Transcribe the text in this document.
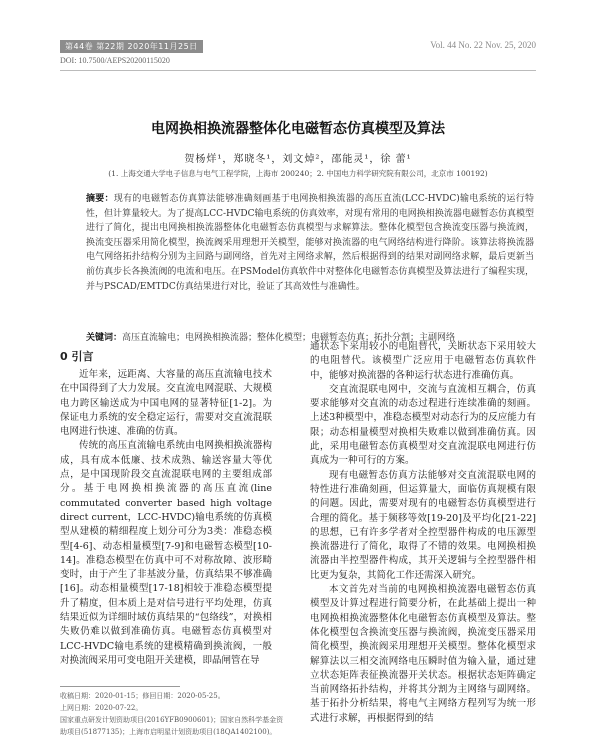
第44卷 第22期 2020年11月25日	Vol. 44 No. 22 Nov. 25, 2020
DOI: 10.7500/AEPS20200115020
电网换相换流器整体化电磁暂态仿真模型及算法
贺杨烊¹，郑晓冬¹，刘文焯²，邵能灵¹，徐 蕾¹
(1. 上海交通大学电子信息与电气工程学院，上海市 200240；2. 中国电力科学研究院有限公司，北京市 100192)
摘要：现有的电磁暂态仿真算法能够准确刻画基于电网换相换流器的高压直流(LCC-HVDC)输电系统的运行特性，但计算量较大。为了提高LCC-HVDC输电系统的仿真效率，对现有常用的电网换相换流器电磁暂态仿真模型进行了简化，提出电网换相换流器整体化电磁暂态仿真模型与求解算法。整体化模型包含换流变压器与换流阀，换流变压器采用简化模型，换流阀采用理想开关模型，能够对换流器的电气网络结构进行降阶。该算法将换流器电气网络拓扑结构分别为主回路与副网络，首先对主网络求解，然后根据得到的结果对副网络求解，最后更新当前仿真步长各换流阀的电流和电压。在PSModel仿真软件中对整体化电磁暂态仿真模型及算法进行了编程实现，并与PSCAD/EMTDC仿真结果进行对比，验证了其高效性与准确性。
关键词：高压直流输电；电网换相换流器；整体化模型；电磁暂态仿真；拓扑分割；主副网络
0 引言

近年来，远距离、大容量的高压直流输电技术在中国得到了大力发展。交直流电网混联、大规模电力跨区输送成为中国电网的显著特征[1-2]。为保证电力系统的安全稳定运行，需要对交直流混联电网进行快速、准确的仿真。

传统的高压直流输电系统由电网换相换流器构成，具有成本低廉、技术成熟、输送容量大等优点，是中国现阶段交直流混联电网的主要组成部分。基于电网换相换流器的高压直流(line commutated converter based high voltage direct current，LCC-HVDC)输电系统的仿真模型从建模的精细程度上划分可分为3类：准稳态模型[4-6]、动态相量模型[7-9]和电磁暂态模型[10-14]。准稳态模型在仿真中可不对称故障、波形畸变时，由于产生了非基波分量，仿真结果不够准确[16]。动态相量模型[17-18]相较于准稳态模型提升了精度，但本质上是对信号进行平均处理，仿真结果近似为详细时域仿真结果的“包络线”，对换相失败仍难以做到准确仿真。电磁暂态仿真模型对LCC-HVDC输电系统的建模精确到换流阀，一般对换流阀采用可变电阻开关建模，即晶闸管在导

通状态下采用较小的电阻替代，关断状态下采用较大的电阻替代。该模型广泛应用于电磁暂态仿真软件中，能够对换流器的各种运行状态进行准确仿真。

交直流混联电网中，交流与直流相互耦合，仿真要求能够对交直流的动态过程进行连续准确的刻画。上述3种模型中，准稳态模型对动态行为的反应能力有限；动态相量模型对换相失败难以做到准确仿真。因此，采用电磁暂态仿真模型对交直流混联电网进行仿真成为一种可行的方案。

现有电磁暂态仿真方法能够对交直流混联电网的特性进行准确刻画，但运算量大，面临仿真规模有限的问题。因此，需要对现有的电磁暂态仿真模型进行合理的简化。基于频移等效[19-20]及平均化[21-22]的思想，已有许多学者对全控型器件构成的电压源型换流器进行了简化，取得了不错的效果。电网换相换流器由半控型器件构成，其开关逻辑与全控型器件相比更为复杂，其简化工作还需深入研究。

本文首先对当前的电网换相换流器电磁暂态仿真模型及计算过程进行简要分析，在此基础上提出一种电网换相换流器整体化电磁暂态仿真模型及算法。整体化模型包含换流变压器与换流阀，换流变压器采用简化模型，换流阀采用理想开关模型。整体化模型求解算法以三相交流网络电压瞬时值为输入量，通过建立状态矩阵表征换流器开关状态。根据状态矩阵确定当前网络拓扑结构，并将其分割为主网络与副网络。基于拓扑分析结果，将电气主网络方程列写为统一形式进行求解，再根据得到的结

收稿日期：2020-01-15；修回日期：2020-05-25。
上网日期：2020-07-22。
国家重点研发计划资助项目(2016YFB0900601)；国家自然科学基金资助项目(51877135)；上海市启明星计划资助项目(18QA1402100)。
